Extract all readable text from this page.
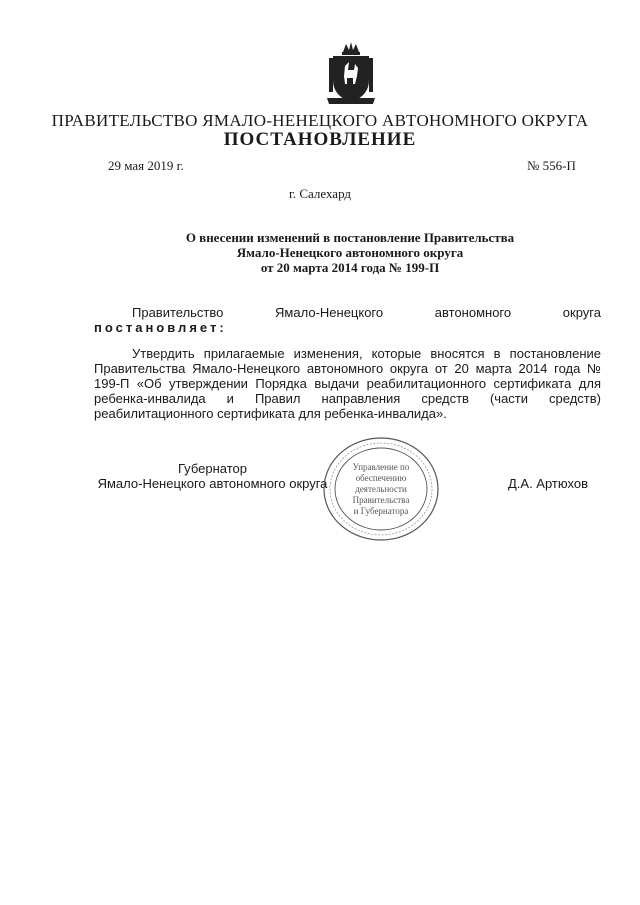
ПРАВИТЕЛЬСТВО ЯМАЛО-НЕНЕЦКОГО АВТОНОМНОГО ОКРУГА
ПОСТАНОВЛЕНИЕ
29 мая 2019 г.	№ 556-П
г. Салехард
О внесении изменений в постановление Правительства
Ямало-Ненецкого автономного округа
от 20 марта 2014 года № 199-П
Правительство	Ямало-Ненецкого	автономного	округа
постановляет:
Утвердить прилагаемые изменения, которые вносятся в постановление Правительства Ямало-Ненецкого автономного округа от 20 марта 2014 года № 199-П «Об утверждении Порядка выдачи реабилитационного сертификата для ребенка-инвалида и Правил направления средств (части средств) реабилитационного сертификата для ребенка-инвалида».
Губернатор
Ямало-Ненецкого автономного округа
Управление по
обеспечению
деятельности
Правительства
и Губернатора
Д.А. Артюхов
